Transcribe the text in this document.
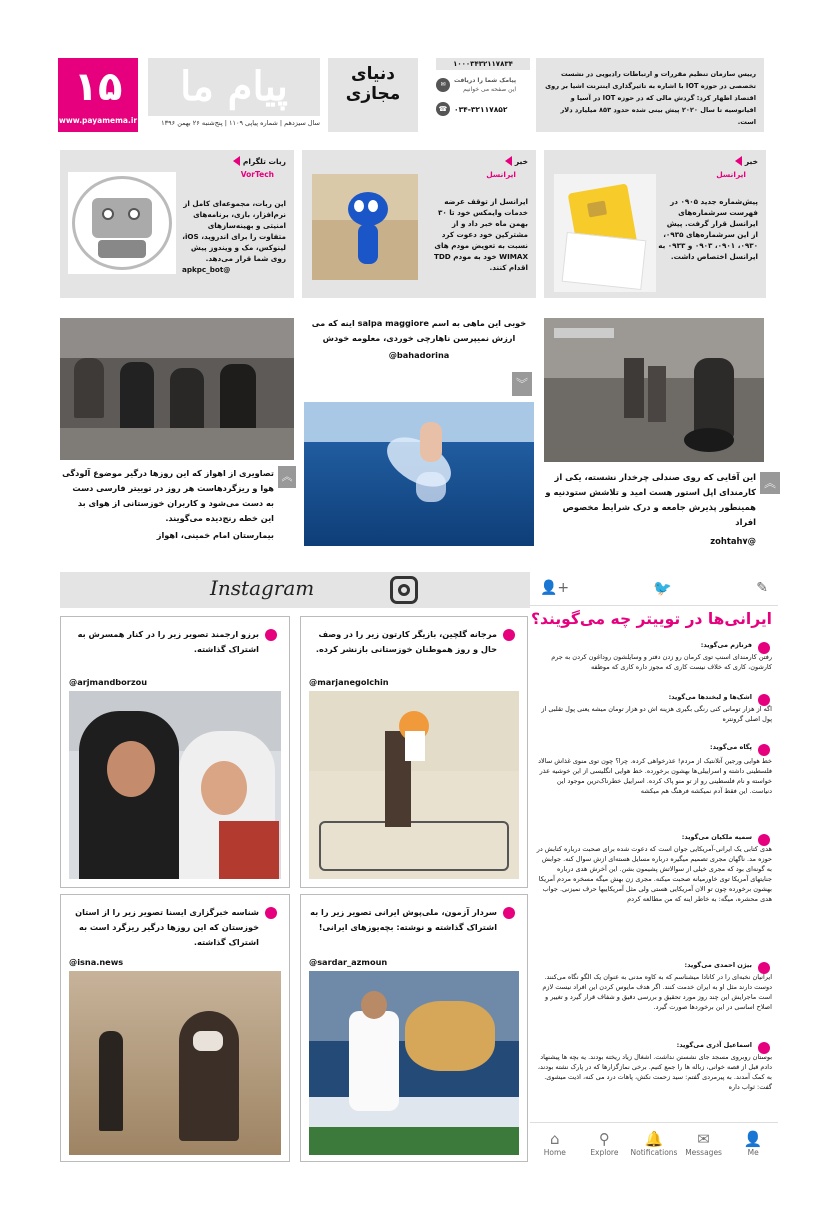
۱۵
www.payamema.ir
پیام ما
سال سیزدهم | شماره پیاپی ۱۱۰۹ | پنج‌شنبه ۲۶ بهمن ۱۳۹۶
دنیای
مجازی
۱۰۰۰۳۴۳۲۱۱۷۸۳۴
✉
پیامک شما را دریافت
این صفحه می خوانیم
☎ ۰۳۴-۳۲۱۱۷۸۵۲
رییس سازمان تنظیم مقررات و ارتباطات رادیویی در نشست تخصصی در حوزه IOT با اشاره به تاثیرگذاری اینترنت اشیا بر روی اقتصاد اظهار کرد: گردش مالی که در حوزه IOT در آسیا و اقیانوسیه تا سال ۲۰۲۰ پیش بینی شده حدود ۸۵۳ میلیارد دلار است.
خبر
ایرانسل
پیش‌شماره جدید ۰۹۰۵ در فهرست سرشماره‌های ایرانسل قرار گرفت. پیش از این سرشماره‌های ۰۹۳۵، ۰۹۳۰، ۰۹۰۱، ۰۹۰۳ و ۰۹۳۳ به ایرانسل اختصاص داشت.
خبر
ایرانسل
ایرانسل از توقف عرضه خدمات وایمکس خود تا ۳۰ بهمن ماه خبر داد و از مشترکین خود دعوت کرد نسبت به تعویض مودم های WIMAX خود به مودم TDD اقدام کنند.
ربات تلگرام
VorTech
این ربات، مجموعه‌ای کامل از نرم‌افزار، بازی، برنامه‌های امنیتی و بهینه‌سازهای متفاوت را برای اندروید، iOS، لینوکس، مک و ویندوز پیش روی شما قرار می‌دهد.
@apkpc_bot

︽
این آقایی که روی صندلی چرخدار نشسته، یکی از کارمندای اپل استور هست امید و تلاشش ستودنیه و همینطور پذیرش جامعه و درک شرایط مخصوص افراد
@zohtah۷
خوبی این ماهی به اسم salpa maggiore اینه که می ارزش نمیپرسن ناهارچی خوردی، معلومه خودش
@bahadorina
︾
︽
تصاویری از اهواز که این روزها درگیر موضوع آلودگی هوا و ریزگردهاست هر روز در توییتر فارسی دست به دست می‌شود و کاربران خوزستانی از هوای بد این خطه رنج‌دیده می‌گویند.
بیمارستان امام خمینی، اهواز
Instagram
مرجانه گلچین، بازیگر کارتون زیر را در وصف حال و روز هموطنان خوزستانی بازنشر کرده.
@marjanegolchin
برزو ارجمند تصویر زیر را در کنار همسرش به اشتراک گذاشته.
@arjmandborzou
سردار آزمون، ملی‌پوش ایرانی تصویر زیر را به اشتراک گذاشته و نوشته: بچه‌یوزهای ایرانی!
@sardar_azmoun
شناسه خبرگزاری ایسنا تصویر زیر را از استان خوزستان که این روزها درگیر ریزگرد است به اشتراک گذاشته.
@isna.news
👤+	🐦	✎
ایرانی‌ها در توییتر چه می‌گویند؟
فرنازم می‌گوید:
رفتن کارمندای اسنپ توی کرمان رو زدن دفتر و وسایلشون روداغون کردن به جرم کارشون، کاری که خلاف نیست کاری که مجوز داره کاری که موظفه
اشک‌ها و لبخندها می‌گوید:
اگه از هزار تومانی کنی رنگی بگیری هزینه اش دو هزار تومان میشه یعنی پول تقلبی از پول اصلی گرونتره
پگاه می‌گوید:
خط هوایی ورجین آتلانتیک از مردم! عذرخواهی کرده. چرا؟ چون توی منوی غذاش سالاد فلسطینی داشته و اسراییلی‌ها بهشون برخورده. خط هوایی انگلیسی از این خوشیه عذر خواسته و نام فلسطینی رو از تو منو پاک کرده. اسراییل خطرناک‌ترین موجود این دنیاست. این فقط آدم نمیکشه فرهنگ هم میکشه
سمیه ملکیان می‌گوید:
هدی کتابی یک ایرانی-آمریکایی جوان است که دعوت شده برای صحبت درباره کتابش در حوزه مد. ناگهان مجری تصمیم میگیره درباره مسایل هسته‌ای ازش سوال کنه. جوابش به گونه‌ای بود که مجری خیلی از سوالاتش پشیمون بشن. این آخرش هدی درباره جنایتهای آمریکا توی خاورمیانه صحبت میکنه. مجری زن بهش میگه مسخره مردم آمریکا بهشون برخورده چون تو الان آمریکایی هستی ولی مثل آمریکاییها حرف نمیزنی. جواب هدی محشره، میگه: به خاطر اینه که من مطالعه کردم
بیژن احمدی می‌گوید:
ایرانیان نخبه‌ای را در کانادا میشناسم که به کاوه مدنی به عنوان یک الگو نگاه می‌کنند. دوست دارند مثل او به ایران خدمت کنند. اگر هدف مایوس کردن این افراد نیست لازم است ماجرایش این چند روز مورد تحقیق و بررسی دقیق و شفاف قرار گیرد و تغییر و اصلاح اساسی در این برخوردها صورت گیرد.
اسماعیل آذری می‌گوید:
بوستان روبروی مسجد جای نشستن نداشت. اشغال زیاد ریخته بودند. یه بچه ها پیشنهاد دادم قبل از قصه خوانی، زباله ها را جمع کنیم. برخی نمازگزارها که در پارک نشته بودند، به کمک آمدند. به پیرمردی گفتم: سید زحمت نکش، پاهات درد می کنه، اذیت میشوی. گفت: ثواب داره
⌂
Home
⚲
Explore
🔔
Notifications
✉
Messages
👤
Me
